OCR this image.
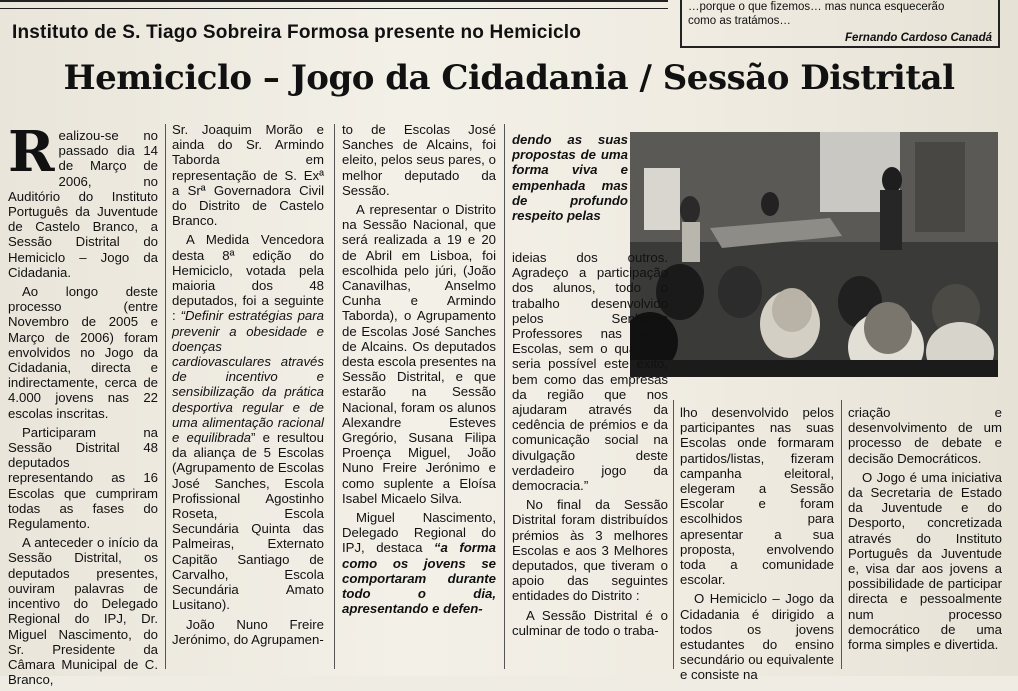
…porque o que fizemos… mas nunca esquecerão

como as tratámos…

Fernando Cardoso Canadá
Instituto de S. Tiago Sobreira Formosa presente no Hemiciclo
Hemiciclo – Jogo da Cidadania / Sessão Distrital

Realizou-se no passado dia 14 de Março de 2006, no Auditório do Instituto Português da Juventude de Castelo Branco, a Sessão Distrital do Hemiciclo – Jogo da Cidadania.

Ao longo deste processo (entre Novembro de 2005 e Março de 2006) foram envolvidos no Jogo da Cidadania, directa e indirectamente, cerca de 4.000 jovens nas 22 escolas inscritas.

Participaram na Sessão Distrital 48 deputados representando as 16 Escolas que cumpriram todas as fases do Regulamento.

A anteceder o início da Sessão Distrital, os deputados presentes, ouviram palavras de incentivo do Delegado Regional do IPJ, Dr. Miguel Nascimento, do Sr. Presidente da Câmara Municipal de C. Branco,

Sr. Joaquim Morão e ainda do Sr. Armindo Taborda em representação de S. Exª a Srª Governadora Civil do Distrito de Castelo Branco.

A Medida Vencedora desta 8ª edição do Hemiciclo, votada pela maioria dos 48 deputados, foi a seguinte : “Definir estratégias para prevenir a obesidade e doenças cardiovasculares através de incentivo e sensibilização da prática desportiva regular e de uma alimentação racional e equilibrada” e resultou da aliança de 5 Escolas (Agrupamento de Escolas José Sanches, Escola Profissional Agostinho Roseta, Escola Secundária Quinta das Palmeiras, Externato Capitão Santiago de Carvalho, Escola Secundária Amato Lusitano).

João Nuno Freire Jerónimo, do Agrupamen-

to de Escolas José Sanches de Alcains, foi eleito, pelos seus pares, o melhor deputado da Sessão.

A representar o Distrito na Sessão Nacional, que será realizada a 19 e 20 de Abril em Lisboa, foi escolhida pelo júri, (João Canavilhas, Anselmo Cunha e Armindo Taborda), o Agrupamento de Escolas José Sanches de Alcains. Os deputados desta escola presentes na Sessão Distrital, e que estarão na Sessão Nacional, foram os alunos Alexandre Esteves Gregório, Susana Filipa Proença Miguel, João Nuno Freire Jerónimo e como suplente a Eloísa Isabel Micaelo Silva.

Miguel Nascimento, Delegado Regional do IPJ, destaca “a forma como os jovens se comportaram durante todo o dia, apresentando e defen-

dendo as suas propostas de uma forma viva e empenhada mas de profundo respeito pelas

ideias dos outros. Agradeço a participação dos alunos, todo o trabalho desenvolvido pelos Senhores Professores nas suas Escolas, sem o qual não seria possível este êxito, bem como das empresas da região que nos ajudaram através da cedência de prémios e da comunicação social na divulgação deste verdadeiro jogo da democracia.”

No final da Sessão Distrital foram distribuídos prémios às 3 melhores Escolas e aos 3 Melhores deputados, que tiveram o apoio das seguintes entidades do Distrito :

A Sessão Distrital é o culminar de todo o traba-

lho desenvolvido pelos participantes nas suas Escolas onde formaram partidos/listas, fizeram campanha eleitoral, elegeram a Sessão Escolar e foram escolhidos para apresentar a sua proposta, envolvendo toda a comunidade escolar.

O Hemiciclo – Jogo da Cidadania é dirigido a todos os jovens estudantes do ensino secundário ou equivalente e consiste na

criação e desenvolvimento de um processo de debate e decisão Democráticos.

O Jogo é uma iniciativa da Secretaria de Estado da Juventude e do Desporto, concretizada através do Instituto Português da Juventude e, visa dar aos jovens a possibilidade de participar directa e pessoalmente num processo democrático de uma forma simples e divertida.
